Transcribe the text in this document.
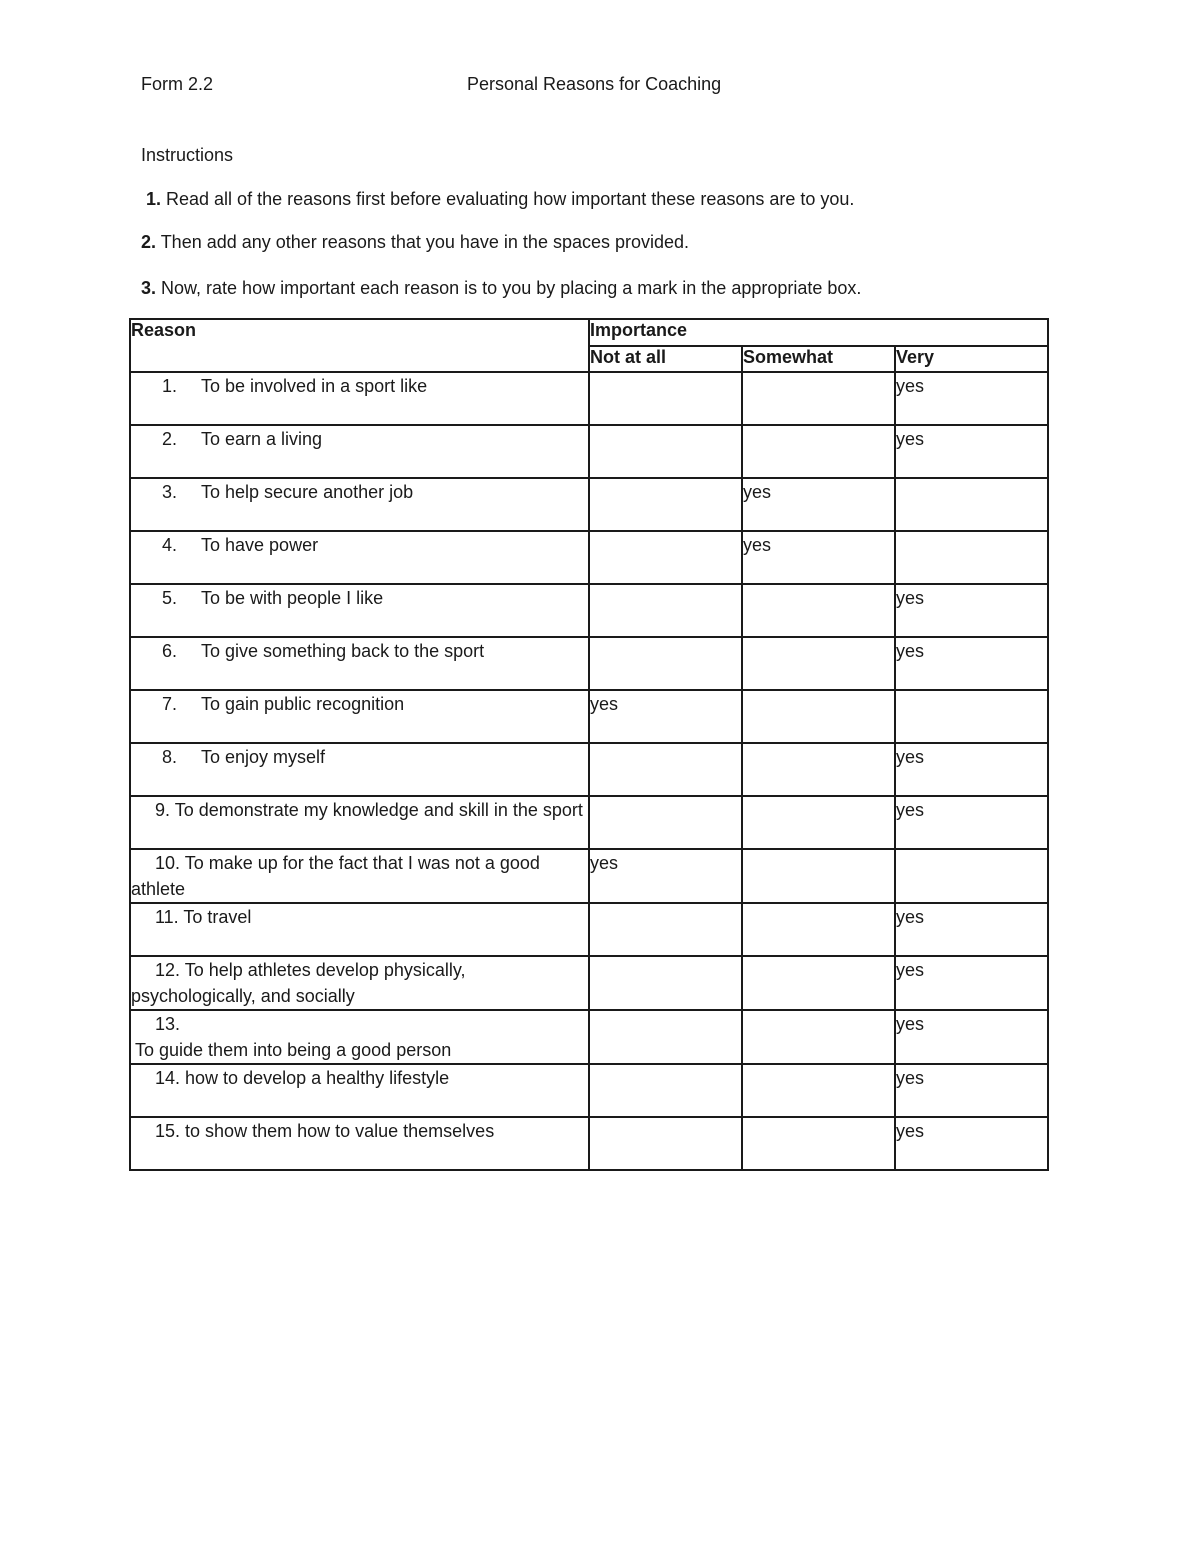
Form 2.2	Personal Reasons for Coaching
Instructions
1. Read all of the reasons first before evaluating how important these reasons are to you.
2. Then add any other reasons that you have in the spaces provided.
3. Now, rate how important each reason is to you by placing a mark in the appropriate box.
Reason	Importance		
	Not at all	Somewhat	Very
1. To be involved in a sport like			yes
2. To earn a living			yes
3. To help secure another job		yes	
4. To have power		yes	
5. To be with people I like			yes
6. To give something back to the sport			yes
7. To gain public recognition	yes		
8. To enjoy myself			yes
9. To demonstrate my knowledge and skill in the sport			yes
10. To make up for the fact that I was not a good athlete	yes		
11. To travel			yes
12. To help athletes develop physically, psychologically, and socially			yes
13.
To guide them into being a good person			yes
14. how to develop a healthy lifestyle			yes
15. to show them how to value themselves			yes
